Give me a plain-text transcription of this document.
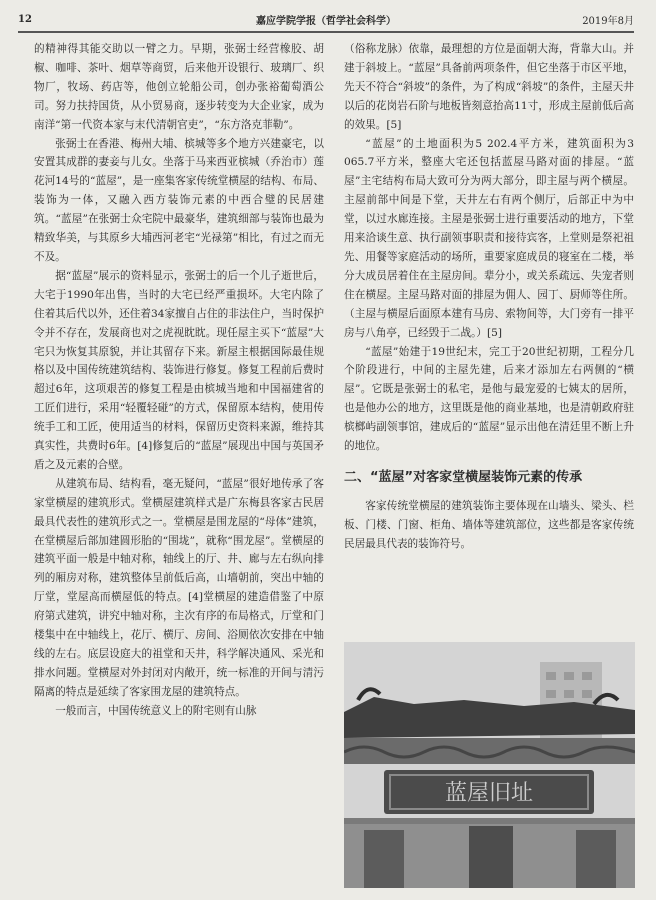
12	嘉应学院学报（哲学社会科学）	2019年8月

的精神得其能交助以一臂之力。早期，张弼士经营橡胶、胡椒、咖啡、茶叶、烟草等商贸，后来他开设银行、玻璃厂、织物厂，牧场、药店等，他创立轮船公司，创办张裕葡萄酒公司。努力扶持国货，从小贸易商，逐步转变为大企业家，成为南洋“第一代资本家与末代清朝官吏”，“东方洛克菲勒”。

张弼士在香港、梅州大埔、槟城等多个地方兴建豪宅，以安置其成群的妻妾与儿女。坐落于马来西亚槟城（乔治市）莲花河14号的“蓝屋”，是一座集客家传统堂横屋的结构、布局、装饰为一体，又融入西方装饰元素的中西合璧的民居建筑。“蓝屋”在张弼士众宅院中最豪华，建筑细部与装饰也最为精致华美，与其原乡大埔西河老宅“光禄第”相比，有过之而无不及。

据“蓝屋”展示的资料显示，张弼士的后一个儿子逝世后，大宅于1990年出售，当时的大宅已经严重损坏。大宅内除了住着其后代以外，还住着34家擅自占住的非法住户，当时保护令并不存在，发展商也对之虎视眈眈。现任屋主买下“蓝屋”大宅只为恢复其原貌，并让其留存下来。新屋主根据国际最佳规格以及中国传统建筑结构、装饰进行修复。修复工程前后费时超过6年，这项艰苦的修复工程是由槟城当地和中国福建省的工匠们进行，采用“轻覆轻碰”的方式，保留原本结构，使用传统手工和工匠，使用适当的材料，保留历史资料来源，维持其真实性，共费时6年。[4]修复后的“蓝屋”展现出中国与英国矛盾之及元素的合壁。

从建筑布局、结构看，毫无疑问，“蓝屋”很好地传承了客家堂横屋的建筑形式。堂横屋建筑样式是广东梅县客家古民居最具代表性的建筑形式之一。堂横屋是围龙屋的“母体”建筑，在堂横屋后部加建圆形胎的“围垅”，就称“围龙屋”。堂横屋的建筑平面一般是中轴对称，轴线上的厅、井、廊与左右纵向排列的厢房对称，建筑整体呈前低后高，山墙朝前，突出中轴的厅堂，堂屋高而横屋低的特点。[4]堂横屋的建造借鉴了中原府第式建筑，讲究中轴对称，主次有序的布局格式，厅堂和门楼集中在中轴线上，花厅、横厅、房间、浴厕依次安排在中轴线的左右。底层设庭大的祖堂和天井，科学解决通风、采光和排水问题。堂横屋对外封闭对内敞开，统一标准的开间与清污隔离的特点是延续了客家围龙屋的建筑特点。

一般而言，中国传统意义上的附宅则有山脉

（俗称龙脉）依靠，最理想的方位是面朝大海，背靠大山。并建于斜坡上。“蓝屋”具备前两项条件，但它坐落于市区平地，先天不符合“斜坡”的条件，为了构成“斜坡”的条件，主屋天井以后的花岗岩石阶与地板皆刻意抬高11寸，形成主屋前低后高的效果。[5]

“蓝屋”的土地面积为5 202.4平方米，建筑面积为3 065.7平方米，整座大宅还包括蓝屋马路对面的排屋。“蓝屋”主宅结构布局大致可分为两大部分，即主屋与两个横屋。主屋前部中间是下堂，天井左右有两个侧厅，后部正中为中堂，以过水廊连接。主屋是张弼士进行重要活动的地方，下堂用来洽谈生意、执行副领事职责和接待宾客，上堂则是祭祀祖先、用餐等家庭活动的场所，重要家庭成员的寝室在二楼，举分大成员居着住在主屋房间。辈分小，或关系疏远、失宠者则住在横屋。主屋马路对面的排屋为佣人、园丁、厨师等住所。（主屋与横屋后面原本建有马房、索物间等，大门旁有一排平房与八角亭，已经毁于二战。）[5]

“蓝屋”始建于19世纪末，完工于20世纪初期，工程分几个阶段进行，中间的主屋先建，后来才添加左右两侧的“横屋”。它既是张弼士的私宅，是他与最宠爱的七姨太的居所，也是他办公的地方，这里既是他的商业基地，也是清朝政府驻槟榔屿副领事馆，建成后的“蓝屋”显示出他在清廷里不断上升的地位。

二、“蓝屋”对客家堂横屋装饰元素的传承

客家传统堂横屋的建筑装饰主要体现在山墙头、梁头、栏板、门楼、门窗、柜角、墙体等建筑部位，这些都是客家传统民居最具代表的装饰符号。

蓝屋旧址
